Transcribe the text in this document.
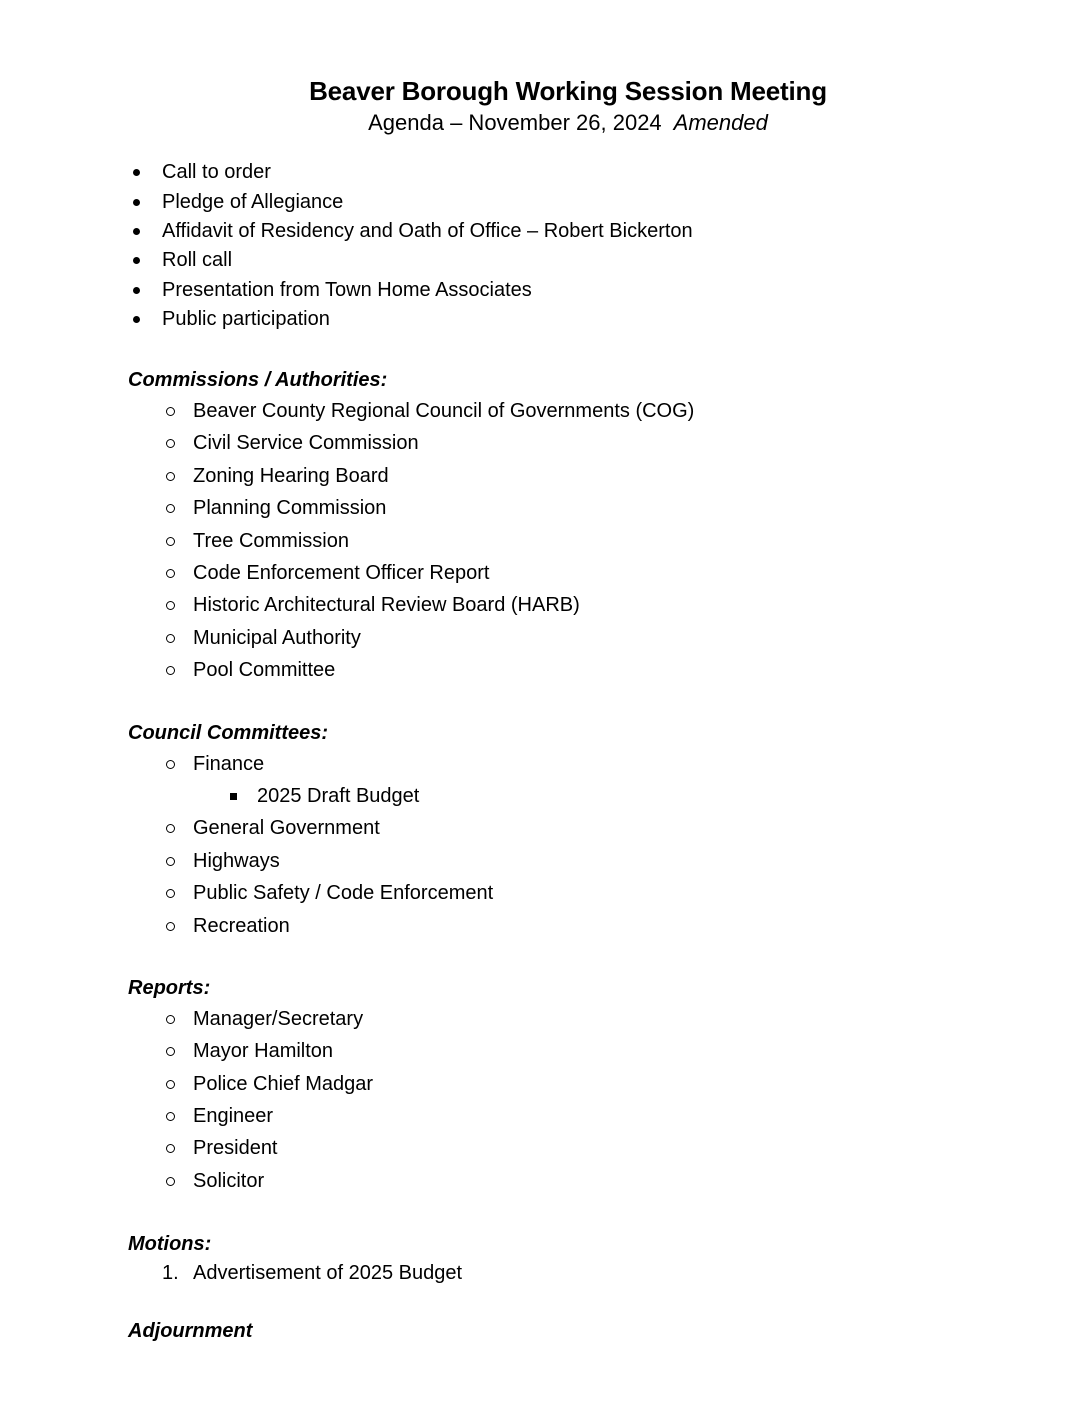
Beaver Borough Working Session Meeting
Agenda – November 26, 2024 Amended
Call to order
Pledge of Allegiance
Affidavit of Residency and Oath of Office – Robert Bickerton
Roll call
Presentation from Town Home Associates
Public participation
Commissions / Authorities:
Beaver County Regional Council of Governments (COG)
Civil Service Commission
Zoning Hearing Board
Planning Commission
Tree Commission
Code Enforcement Officer Report
Historic Architectural Review Board (HARB)
Municipal Authority
Pool Committee
Council Committees:
Finance
2025 Draft Budget
General Government
Highways
Public Safety / Code Enforcement
Recreation
Reports:
Manager/Secretary
Mayor Hamilton
Police Chief Madgar
Engineer
President
Solicitor
Motions:
1. Advertisement of 2025 Budget
Adjournment
